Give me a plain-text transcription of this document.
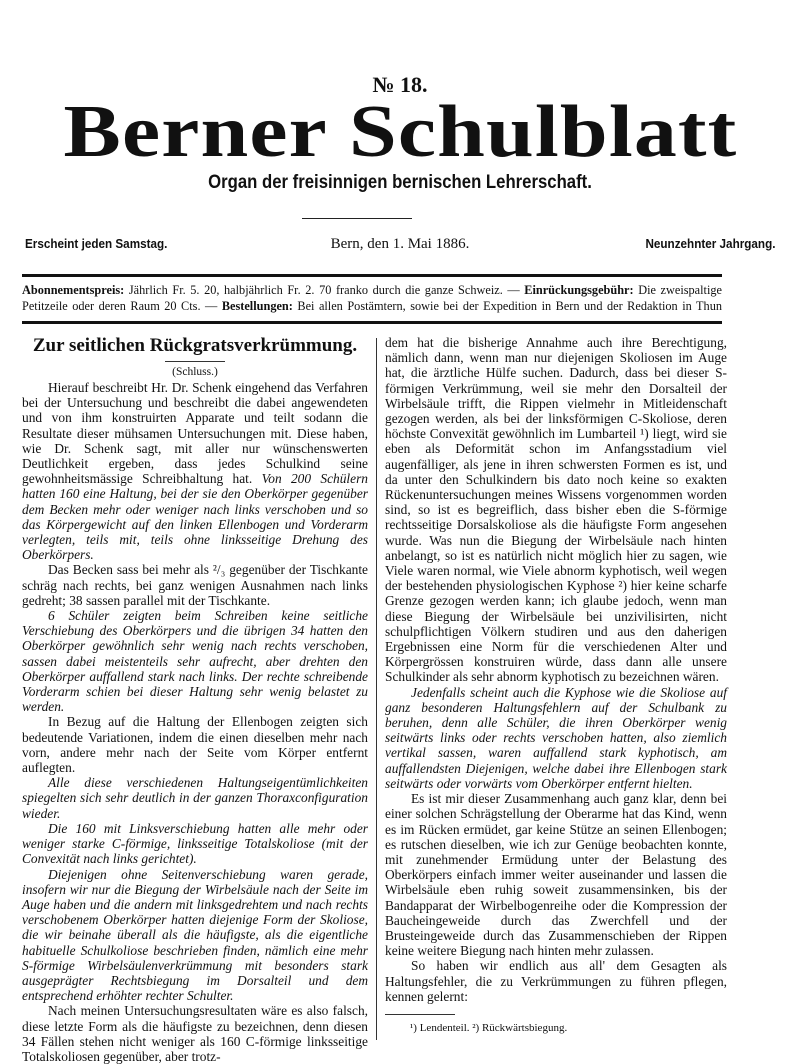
№ 18.
Berner Schulblatt
Organ der freisinnigen bernischen Lehrerschaft.
Erscheint jeden Samstag.	Bern, den 1. Mai 1886.	Neunzehnter Jahrgang.
Abonnementspreis: Jährlich Fr. 5. 20, halbjährlich Fr. 2. 70 franko durch die ganze Schweiz. — Einrückungsgebühr: Die zweispaltige Petitzeile oder deren Raum 20 Cts. — Bestellungen: Bei allen Postämtern, sowie bei der Expedition in Bern und der Redaktion in Thun
Zur seitlichen Rückgratsverkrümmung.
(Schluss.)

Hierauf beschreibt Hr. Dr. Schenk eingehend das Verfahren bei der Untersuchung und beschreibt die dabei angewendeten und von ihm konstruirten Apparate und teilt sodann die Resultate dieser mühsamen Untersuchungen mit. Diese haben, wie Dr. Schenk sagt, mit aller nur wünschenswerten Deutlichkeit ergeben, dass jedes Schulkind seine gewohnheitsmässige Schreibhaltung hat. Von 200 Schülern hatten 160 eine Haltung, bei der sie den Oberkörper gegenüber dem Becken mehr oder weniger nach links verschoben und so das Körpergewicht auf den linken Ellenbogen und Vorderarm verlegten, teils mit, teils ohne linksseitige Drehung des Oberkörpers.

Das Becken sass bei mehr als ²/₃ gegenüber der Tischkante schräg nach rechts, bei ganz wenigen Ausnahmen nach links gedreht; 38 sassen parallel mit der Tischkante.

6 Schüler zeigten beim Schreiben keine seitliche Verschiebung des Oberkörpers und die übrigen 34 hatten den Oberkörper gewöhnlich sehr wenig nach rechts verschoben, sassen dabei meistenteils sehr aufrecht, aber drehten den Oberkörper auffallend stark nach links. Der rechte schreibende Vorderarm schien bei dieser Haltung sehr wenig belastet zu werden.

In Bezug auf die Haltung der Ellenbogen zeigten sich bedeutende Variationen, indem die einen dieselben mehr nach vorn, andere mehr nach der Seite vom Körper entfernt auflegten.

Alle diese verschiedenen Haltungseigentümlichkeiten spiegelten sich sehr deutlich in der ganzen Thoraxconfiguration wieder.

Die 160 mit Linksverschiebung hatten alle mehr oder weniger starke C-förmige, linksseitige Totalskoliose (mit der Convexität nach links gerichtet).

Diejenigen ohne Seitenverschiebung waren gerade, insofern wir nur die Biegung der Wirbelsäule nach der Seite im Auge haben und die andern mit linksgedrehtem und nach rechts verschobenem Oberkörper hatten diejenige Form der Skoliose, die wir beinahe überall als die häufigste, als die eigentliche habituelle Schulkoliose beschrieben finden, nämlich eine mehr S-förmige Wirbelsäulenverkrümmung mit besonders stark ausgeprägter Rechtsbiegung im Dorsalteil und dem entsprechend erhöhter rechter Schulter.

Nach meinen Untersuchungsresultaten wäre es also falsch, diese letzte Form als die häufigste zu bezeichnen, denn diesen 34 Fällen stehen nicht weniger als 160 C-förmige linksseitige Totalskoliosen gegenüber, aber trotz-

dem hat die bisherige Annahme auch ihre Berechtigung, nämlich dann, wenn man nur diejenigen Skoliosen im Auge hat, die ärztliche Hülfe suchen. Dadurch, dass bei dieser S-förmigen Verkrümmung, weil sie mehr den Dorsalteil der Wirbelsäule trifft, die Rippen vielmehr in Mitleidenschaft gezogen werden, als bei der linksförmigen C-Skoliose, deren höchste Convexität gewöhnlich im Lumbarteil ¹) liegt, wird sie eben als Deformität schon im Anfangsstadium viel augenfälliger, als jene in ihren schwersten Formen es ist, und da unter den Schulkindern bis dato noch keine so exakten Rückenuntersuchungen meines Wissens vorgenommen worden sind, so ist es begreiflich, dass bisher eben die S-förmige rechtsseitige Dorsalskoliose als die häufigste Form angesehen wurde. Was nun die Biegung der Wirbelsäule nach hinten anbelangt, so ist es natürlich nicht möglich hier zu sagen, wie Viele waren normal, wie Viele abnorm kyphotisch, weil wegen der bestehenden physiologischen Kyphose ²) hier keine scharfe Grenze gezogen werden kann; ich glaube jedoch, wenn man diese Biegung der Wirbelsäule bei unzivilisirten, nicht schulpflichtigen Völkern studiren und aus den daherigen Ergebnissen eine Norm für die verschiedenen Alter und Körpergrössen konstruiren würde, dass dann alle unsere Schulkinder als sehr abnorm kyphotisch zu bezeichnen wären.

Jedenfalls scheint auch die Kyphose wie die Skoliose auf ganz besonderen Haltungsfehlern auf der Schulbank zu beruhen, denn alle Schüler, die ihren Oberkörper wenig seitwärts links oder rechts verschoben hatten, also ziemlich vertikal sassen, waren auffallend stark kyphotisch, am auffallendsten Diejenigen, welche dabei ihre Ellenbogen stark seitwärts oder vorwärts vom Oberkörper entfernt hielten.

Es ist mir dieser Zusammenhang auch ganz klar, denn bei einer solchen Schrägstellung der Oberarme hat das Kind, wenn es im Rücken ermüdet, gar keine Stütze an seinen Ellenbogen; es rutschen dieselben, wie ich zur Genüge beobachten konnte, mit zunehmender Ermüdung unter der Belastung des Oberkörpers einfach immer weiter auseinander und lassen die Wirbelsäule eben ruhig soweit zusammensinken, bis der Bandapparat der Wirbelbogenreihe oder die Kompression der Baucheingeweide durch das Zwerchfell und der Brusteingeweide durch das Zusammenschieben der Rippen keine weitere Biegung nach hinten mehr zulassen.

So haben wir endlich aus all' dem Gesagten als Haltungsfehler, die zu Verkrümmungen zu führen pflegen, kennen gelernt:

¹) Lendenteil. ²) Rückwärtsbiegung.
